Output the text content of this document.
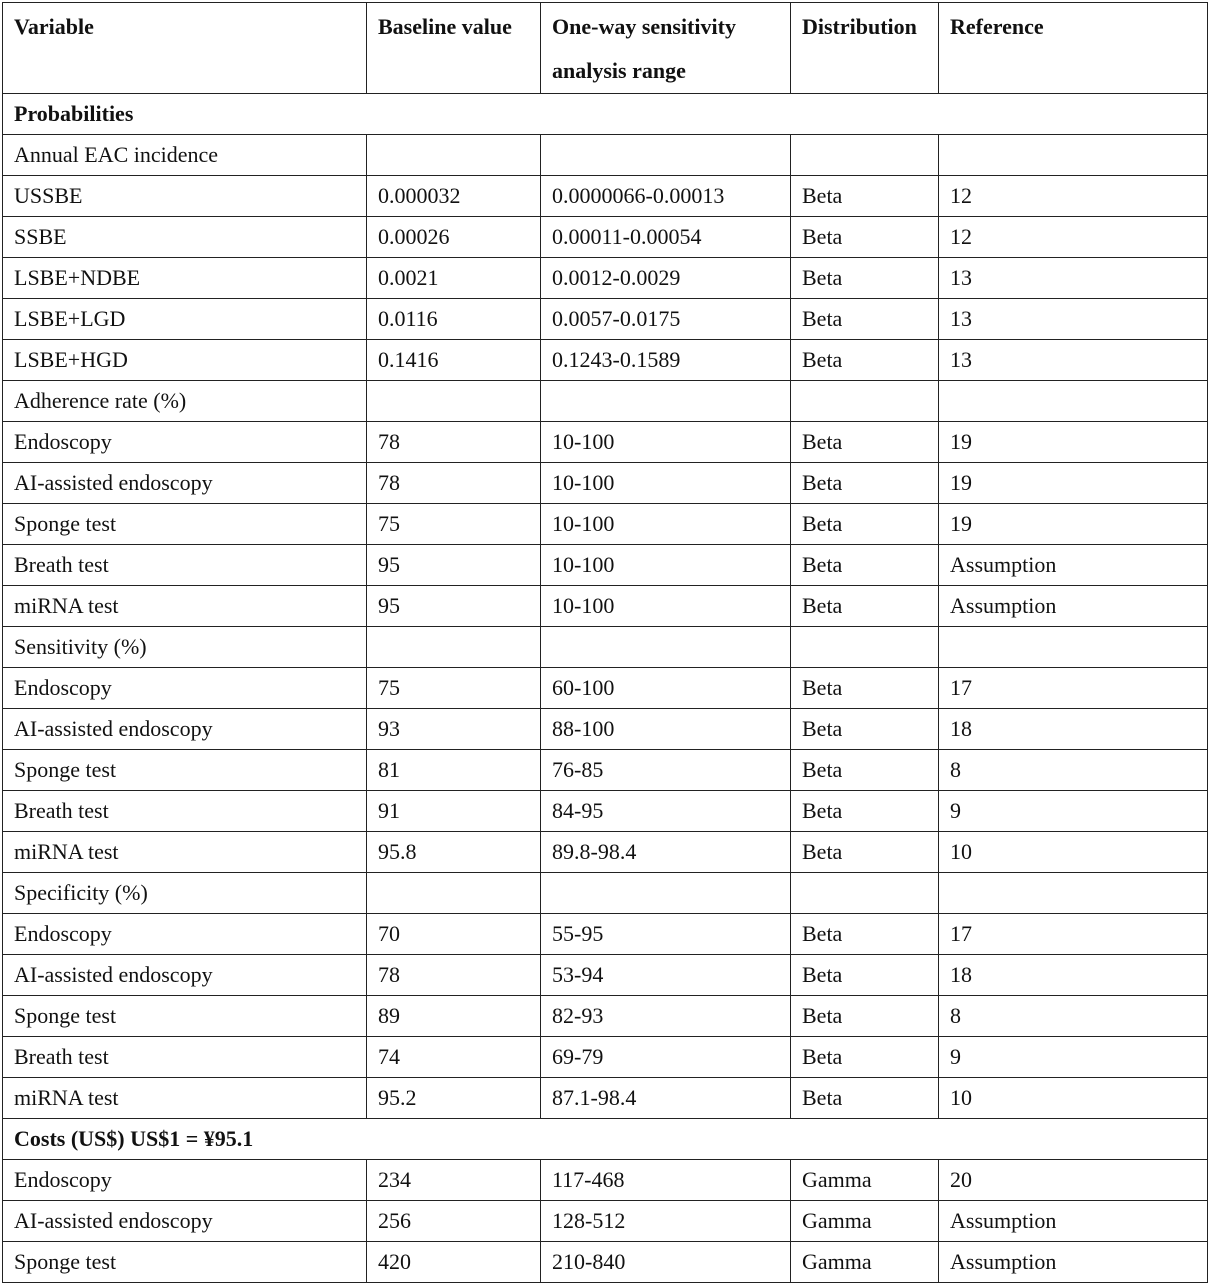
Variable	Baseline value	One-way sensitivity analysis range	Distribution	Reference
Probabilities				
Annual EAC incidence				
USSBE	0.000032	0.0000066-0.00013	Beta	12
SSBE	0.00026	0.00011-0.00054	Beta	12
LSBE+NDBE	0.0021	0.0012-0.0029	Beta	13
LSBE+LGD	0.0116	0.0057-0.0175	Beta	13
LSBE+HGD	0.1416	0.1243-0.1589	Beta	13
Adherence rate (%)				
Endoscopy	78	10-100	Beta	19
AI-assisted endoscopy	78	10-100	Beta	19
Sponge test	75	10-100	Beta	19
Breath test	95	10-100	Beta	Assumption
miRNA test	95	10-100	Beta	Assumption
Sensitivity (%)				
Endoscopy	75	60-100	Beta	17
AI-assisted endoscopy	93	88-100	Beta	18
Sponge test	81	76-85	Beta	8
Breath test	91	84-95	Beta	9
miRNA test	95.8	89.8-98.4	Beta	10
Specificity (%)				
Endoscopy	70	55-95	Beta	17
AI-assisted endoscopy	78	53-94	Beta	18
Sponge test	89	82-93	Beta	8
Breath test	74	69-79	Beta	9
miRNA test	95.2	87.1-98.4	Beta	10
Costs (US$) US$1 = ¥95.1				
Endoscopy	234	117-468	Gamma	20
AI-assisted endoscopy	256	128-512	Gamma	Assumption
Sponge test	420	210-840	Gamma	Assumption
